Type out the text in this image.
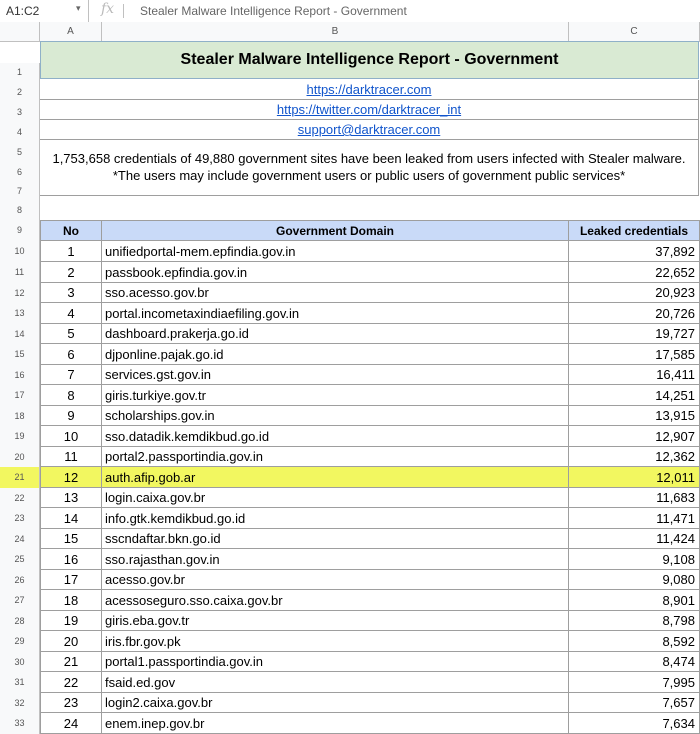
A1:C2	▾ fx Stealer Malware Intelligence Report - Government
A	B	C
Stealer Malware Intelligence Report - Government
https://darktracer.com
https://twitter.com/darktracer_int
support@darktracer.com
1,753,658 credentials of 49,880 government sites have been leaked from users infected with Stealer malware.
*The users may include government users or public users of government public services*
1
2
3
4
5
6
7
8
9
10
11
12
13
14
15
16
17
18
19
20
21
22
23
24
25
26
27
28
29
30
31
32
33
No	Government Domain	Leaked credentials
1	unifiedportal-mem.epfindia.gov.in	37,892
2	passbook.epfindia.gov.in	22,652
3	sso.acesso.gov.br	20,923
4	portal.incometaxindiaefiling.gov.in	20,726
5	dashboard.prakerja.go.id	19,727
6	djponline.pajak.go.id	17,585
7	services.gst.gov.in	16,411
8	giris.turkiye.gov.tr	14,251
9	scholarships.gov.in	13,915
10	sso.datadik.kemdikbud.go.id	12,907
11	portal2.passportindia.gov.in	12,362
12	auth.afip.gob.ar	12,011
13	login.caixa.gov.br	11,683
14	info.gtk.kemdikbud.go.id	11,471
15	sscndaftar.bkn.go.id	11,424
16	sso.rajasthan.gov.in	9,108
17	acesso.gov.br	9,080
18	acessoseguro.sso.caixa.gov.br	8,901
19	giris.eba.gov.tr	8,798
20	iris.fbr.gov.pk	8,592
21	portal1.passportindia.gov.in	8,474
22	fsaid.ed.gov	7,995
23	login2.caixa.gov.br	7,657
24	enem.inep.gov.br	7,634
